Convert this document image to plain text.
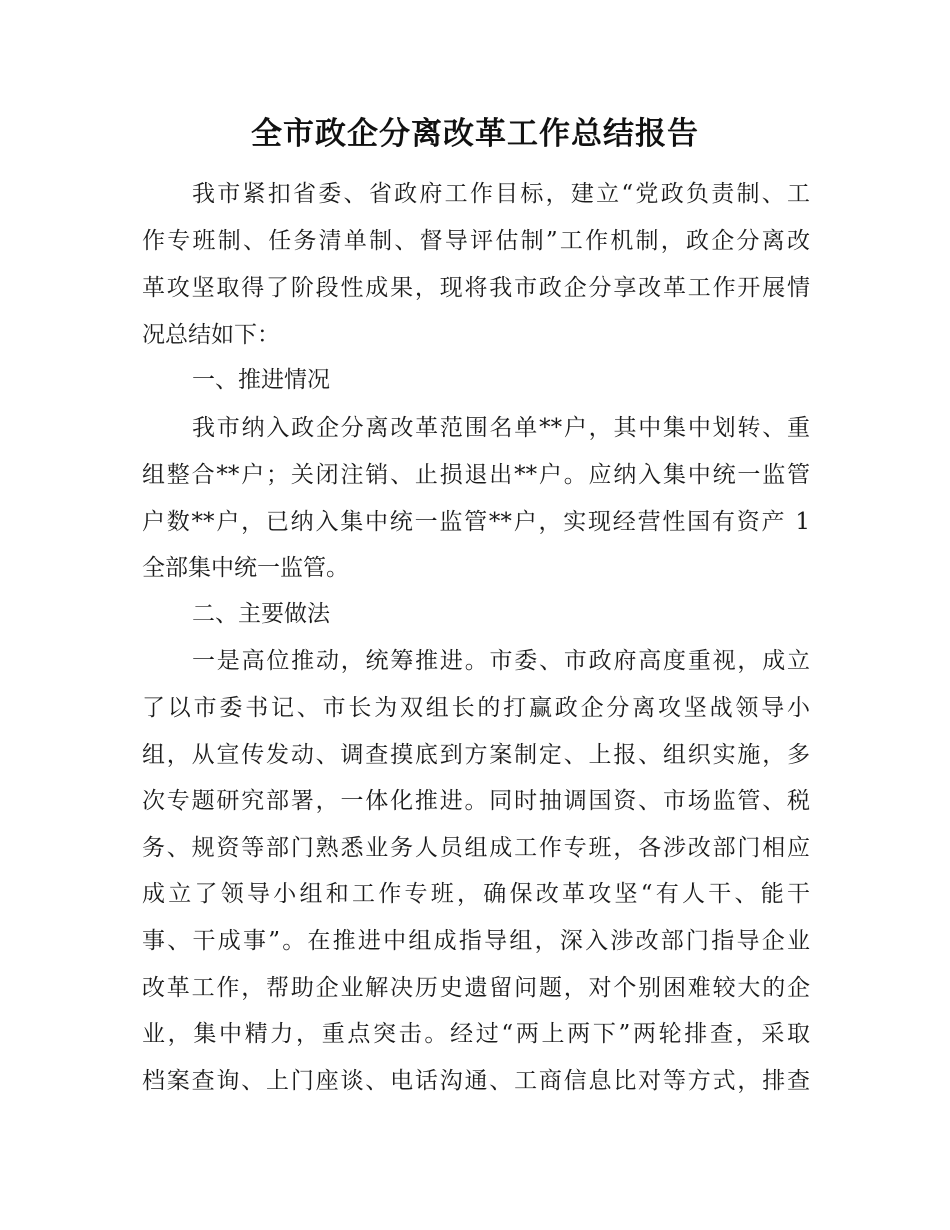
全市政企分离改革工作总结报告
我市紧扣省委、省政府工作目标，建立“党政负责制、工
作专班制、任务清单制、督导评估制”工作机制，政企分离改
革攻坚取得了阶段性成果，现将我市政企分享改革工作开展情
况总结如下：
一、推进情况
我市纳入政企分离改革范围名单**户，其中集中划转、重
组整合**户；关闭注销、止损退出**户。应纳入集中统一监管
户数**户，已纳入集中统一监管**户，实现经营性国有资产 1
全部集中统一监管。
二、主要做法
一是高位推动，统筹推进。市委、市政府高度重视，成立
了以市委书记、市长为双组长的打赢政企分离攻坚战领导小
组，从宣传发动、调查摸底到方案制定、上报、组织实施，多
次专题研究部署，一体化推进。同时抽调国资、市场监管、税
务、规资等部门熟悉业务人员组成工作专班，各涉改部门相应
成立了领导小组和工作专班，确保改革攻坚“有人干、能干
事、干成事”。在推进中组成指导组，深入涉改部门指导企业
改革工作，帮助企业解决历史遗留问题，对个别困难较大的企
业，集中精力，重点突击。经过“两上两下”两轮排查，采取
档案查询、上门座谈、电话沟通、工商信息比对等方式，排查
